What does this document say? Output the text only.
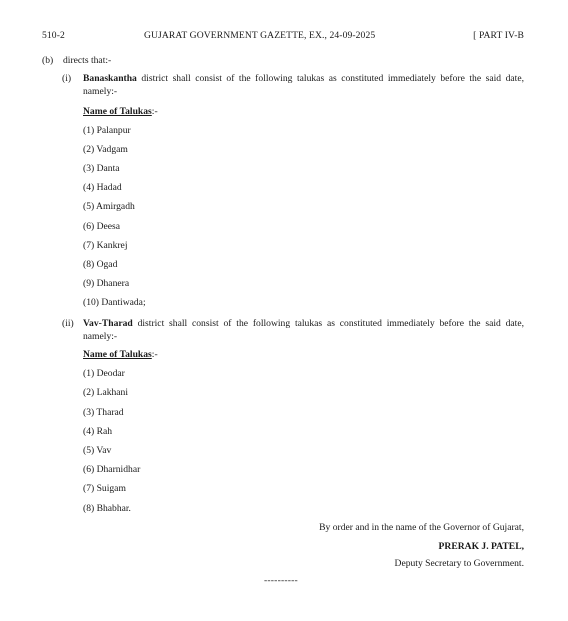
510-2	GUJARAT GOVERNMENT GAZETTE, EX., 24-09-2025	[ PART IV-B
(b) directs that:-
(i) Banaskantha district shall consist of the following talukas as constituted immediately before the said date, namely:-
Name of Talukas:-
(1) Palanpur
(2) Vadgam
(3) Danta
(4) Hadad
(5) Amirgadh
(6) Deesa
(7) Kankrej
(8) Ogad
(9) Dhanera
(10) Dantiwada;
(ii) Vav-Tharad district shall consist of the following talukas as constituted immediately before the said date, namely:-
Name of Talukas:-
(1) Deodar
(2) Lakhani
(3) Tharad
(4) Rah
(5) Vav
(6) Dharnidhar
(7) Suigam
(8) Bhabhar.
By order and in the name of the Governor of Gujarat,
PRERAK J. PATEL,
Deputy Secretary to Government.
----------
